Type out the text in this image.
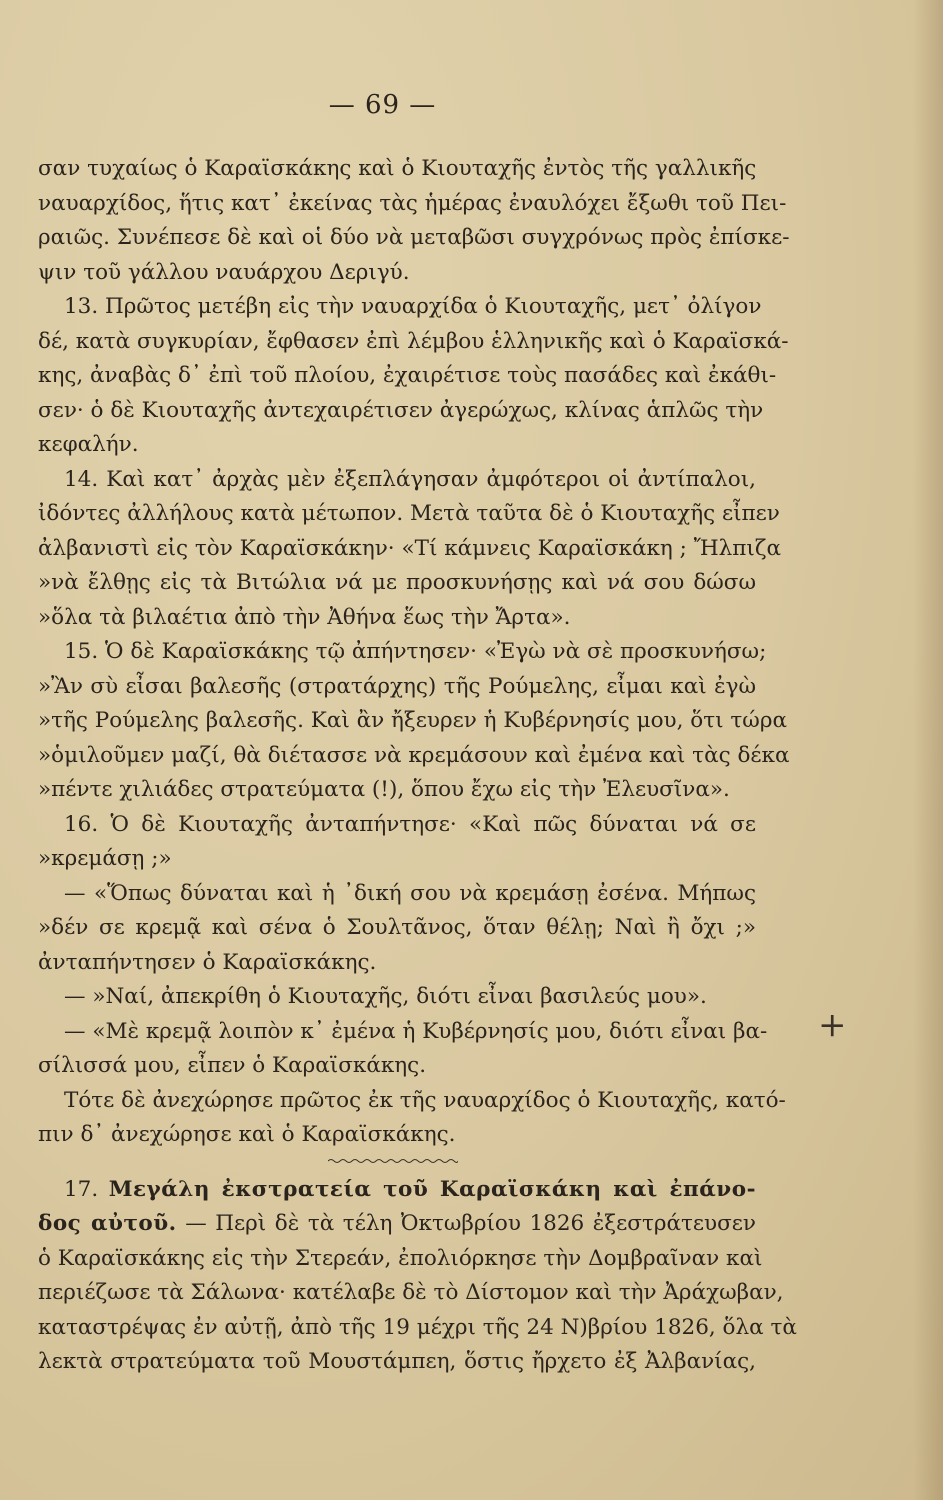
— 69 —
σαν τυχαίως ὁ Καραϊσκάκης καὶ ὁ Κιουταχῆς ἐντὸς τῆς γαλλικῆς
ναυαρχίδος, ἥτις κατ᾽ ἐκείνας τὰς ἡμέρας ἐναυλόχει ἔξωθι τοῦ Πει-
ραιῶς. Συνέπεσε δὲ καὶ οἱ δύο νὰ μεταβῶσι συγχρόνως πρὸς ἐπίσκε-
ψιν τοῦ γάλλου ναυάρχου Δεριγύ.
13. Πρῶτος μετέβη εἰς τὴν ναυαρχίδα ὁ Κιουταχῆς, μετ᾽ ὀλίγον
δέ, κατὰ συγκυρίαν, ἔφθασεν ἐπὶ λέμβου ἑλληνικῆς καὶ ὁ Καραϊσκά-
κης, ἀναβὰς δ᾽ ἐπὶ τοῦ πλοίου, ἐχαιρέτισε τοὺς πασάδες καὶ ἐκάθι-
σεν· ὁ δὲ Κιουταχῆς ἀντεχαιρέτισεν ἀγερώχως, κλίνας ἁπλῶς τὴν
κεφαλήν.
14. Καὶ κατ᾽ ἀρχὰς μὲν ἐξεπλάγησαν ἀμφότεροι οἱ ἀντίπαλοι,
ἰδόντες ἀλλήλους κατὰ μέτωπον. Μετὰ ταῦτα δὲ ὁ Κιουταχῆς εἶπεν
ἀλβανιστὶ εἰς τὸν Καραϊσκάκην· «Τί κάμνεις Καραϊσκάκη ; Ἤλπιζα
»νὰ ἔλθῃς εἰς τὰ Βιτώλια νά με προσκυνήσῃς καὶ νά σου δώσω
»ὅλα τὰ βιλαέτια ἀπὸ τὴν Ἀθήνα ἕως τὴν Ἄρτα».
15. Ὁ δὲ Καραϊσκάκης τῷ ἀπήντησεν· «Ἐγὼ νὰ σὲ προσκυνήσω;
»Ἂν σὺ εἶσαι βαλεσῆς (στρατάρχης) τῆς Ρούμελης, εἶμαι καὶ ἐγὼ
»τῆς Ρούμελης βαλεσῆς. Καὶ ἂν ἤξευρεν ἡ Κυβέρνησίς μου, ὅτι τώρα
»ὁμιλοῦμεν μαζί, θὰ διέτασσε νὰ κρεμάσουν καὶ ἐμένα καὶ τὰς δέκα
»πέντε χιλιάδες στρατεύματα (!), ὅπου ἔχω εἰς τὴν Ἐλευσῖνα».
16. Ὁ δὲ Κιουταχῆς ἀνταπήντησε· «Καὶ πῶς δύναται νά σε
»κρεμάσῃ ;»
— «Ὅπως δύναται καὶ ἡ ᾽δική σου νὰ κρεμάσῃ ἐσένα. Μήπως
»δέν σε κρεμᾷ καὶ σένα ὁ Σουλτᾶνος, ὅταν θέλῃ; Ναὶ ἢ ὄχι ;»
ἀνταπήντησεν ὁ Καραϊσκάκης.
— »Ναί, ἀπεκρίθη ὁ Κιουταχῆς, διότι εἶναι βασιλεύς μου».
— «Μὲ κρεμᾷ λοιπὸν κ᾽ ἐμένα ἡ Κυβέρνησίς μου, διότι εἶναι βα-
σίλισσά μου, εἶπεν ὁ Καραϊσκάκης.
Τότε δὲ ἀνεχώρησε πρῶτος ἐκ τῆς ναυαρχίδος ὁ Κιουταχῆς, κατό-
πιν δ᾽ ἀνεχώρησε καὶ ὁ Καραϊσκάκης.
17. Μεγάλη ἐκστρατεία τοῦ Καραϊσκάκη καὶ ἐπάνο-
δος αὐτοῦ. — Περὶ δὲ τὰ τέλη Ὀκτωβρίου 1826 ἐξεστράτευσεν
ὁ Καραϊσκάκης εἰς τὴν Στερεάν, ἐπολιόρκησε τὴν Δομβραῖναν καὶ
περιέζωσε τὰ Σάλωνα· κατέλαβε δὲ τὸ Δίστομον καὶ τὴν Ἀράχωβαν,
καταστρέψας ἐν αὐτῇ, ἀπὸ τῆς 19 μέχρι τῆς 24 Ν)βρίου 1826, ὅλα τὰ
λεκτὰ στρατεύματα τοῦ Μουστάμπεη, ὅστις ἤρχετο ἐξ Ἀλβανίας,
+
